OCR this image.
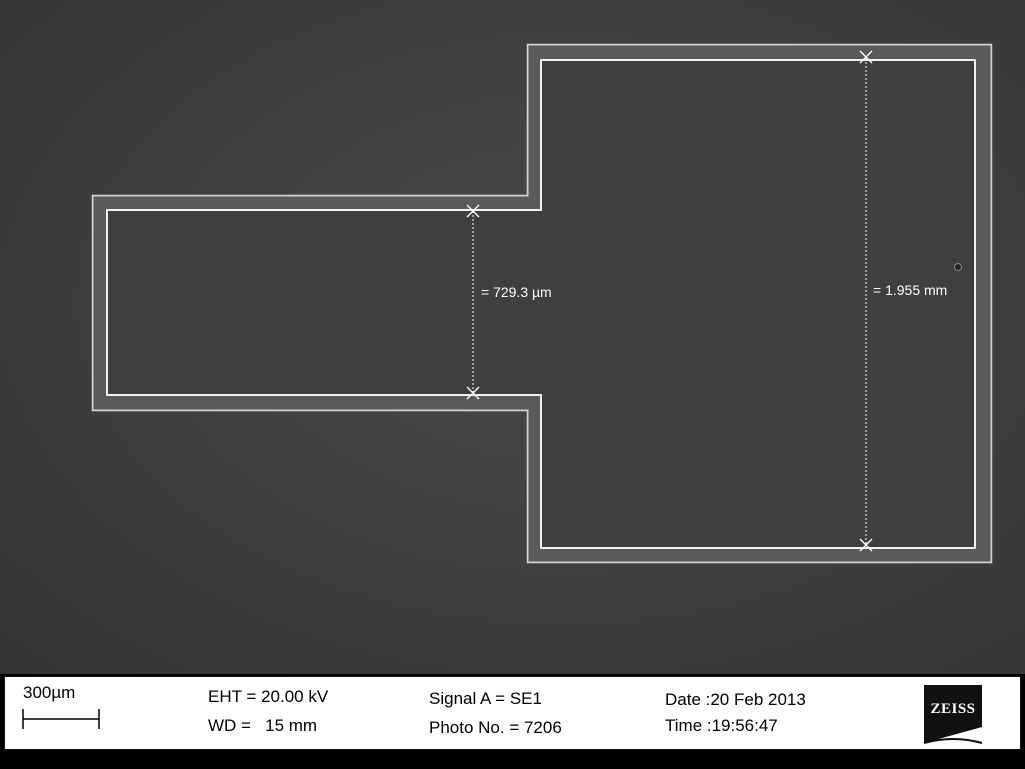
= 729.3 µm	= 1.955 mm
300µm	EHT = 20.00 kV
WD =   15 mm
Signal A = SE1
Photo No. = 7206
Date :20 Feb 2013
Time :19:56:47
ZEISS
